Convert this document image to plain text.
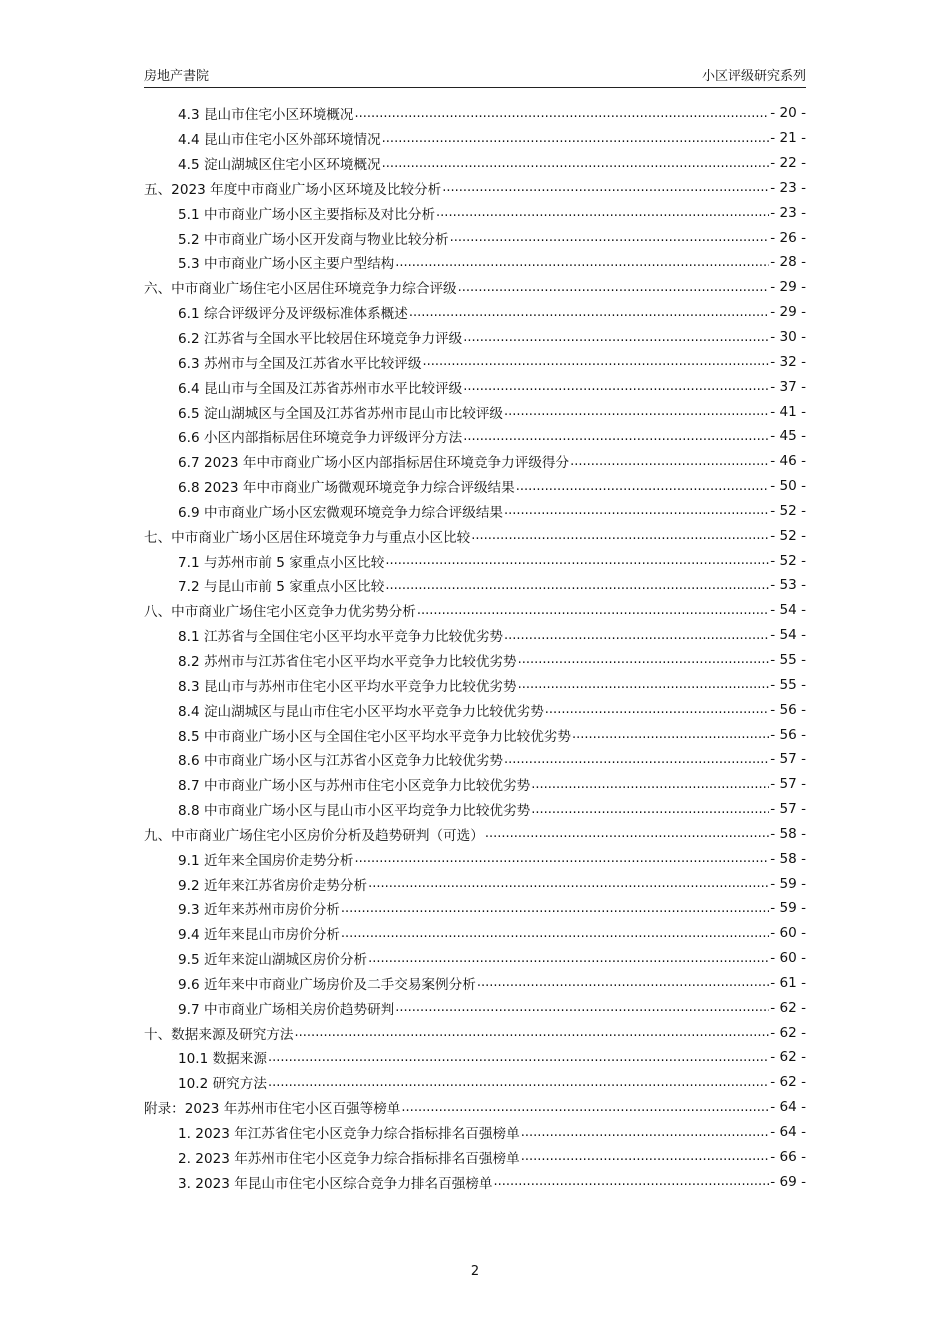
房地产書院	小区评级研究系列
4.3 昆山市住宅小区环境概况 .....	- 20 -
4.4 昆山市住宅小区外部环境情况 .....	- 21 -
4.5 淀山湖城区住宅小区环境概况 .....	- 22 -
五、2023 年度中市商业广场小区环境及比较分析 .....	- 23 -
5.1 中市商业广场小区主要指标及对比分析 .....	- 23 -
5.2 中市商业广场小区开发商与物业比较分析 .....	- 26 -
5.3 中市商业广场小区主要户型结构 .....	- 28 -
六、中市商业广场住宅小区居住环境竞争力综合评级 .....	- 29 -
6.1 综合评级评分及评级标准体系概述 .....	- 29 -
6.2 江苏省与全国水平比较居住环境竞争力评级 .....	- 30 -
6.3 苏州市与全国及江苏省水平比较评级 .....	- 32 -
6.4 昆山市与全国及江苏省苏州市水平比较评级 .....	- 37 -
6.5 淀山湖城区与全国及江苏省苏州市昆山市比较评级 .....	- 41 -
6.6 小区内部指标居住环境竞争力评级评分方法 .....	- 45 -
6.7 2023 年中市商业广场小区内部指标居住环境竞争力评级得分 .....	- 46 -
6.8 2023 年中市商业广场微观环境竞争力综合评级结果 .....	- 50 -
6.9 中市商业广场小区宏微观环境竞争力综合评级结果 .....	- 52 -
七、中市商业广场小区居住环境竞争力与重点小区比较 .....	- 52 -
7.1 与苏州市前 5 家重点小区比较 .....	- 52 -
7.2 与昆山市前 5 家重点小区比较 .....	- 53 -
八、中市商业广场住宅小区竞争力优劣势分析 .....	- 54 -
8.1 江苏省与全国住宅小区平均水平竞争力比较优劣势 .....	- 54 -
8.2 苏州市与江苏省住宅小区平均水平竞争力比较优劣势 .....	- 55 -
8.3 昆山市与苏州市住宅小区平均水平竞争力比较优劣势 .....	- 55 -
8.4 淀山湖城区与昆山市住宅小区平均水平竞争力比较优劣势 .....	- 56 -
8.5 中市商业广场小区与全国住宅小区平均水平竞争力比较优劣势 .....	- 56 -
8.6 中市商业广场小区与江苏省小区竞争力比较优劣势 .....	- 57 -
8.7 中市商业广场小区与苏州市住宅小区竞争力比较优劣势 .....	- 57 -
8.8 中市商业广场小区与昆山市小区平均竞争力比较优劣势 .....	- 57 -
九、中市商业广场住宅小区房价分析及趋势研判（可选） .....	- 58 -
9.1 近年来全国房价走势分析 .....	- 58 -
9.2 近年来江苏省房价走势分析 .....	- 59 -
9.3 近年来苏州市房价分析 .....	- 59 -
9.4 近年来昆山市房价分析 .....	- 60 -
9.5 近年来淀山湖城区房价分析 .....	- 60 -
9.6 近年来中市商业广场房价及二手交易案例分析 .....	- 61 -
9.7 中市商业广场相关房价趋势研判 .....	- 62 -
十、数据来源及研究方法 .....	- 62 -
10.1 数据来源 .....	- 62 -
10.2 研究方法 .....	- 62 -
附录：2023 年苏州市住宅小区百强等榜单 .....	- 64 -
1. 2023 年江苏省住宅小区竞争力综合指标排名百强榜单 .....	- 64 -
2. 2023 年苏州市住宅小区竞争力综合指标排名百强榜单 .....	- 66 -
3. 2023 年昆山市住宅小区综合竞争力排名百强榜单 .....	- 69 -
2
